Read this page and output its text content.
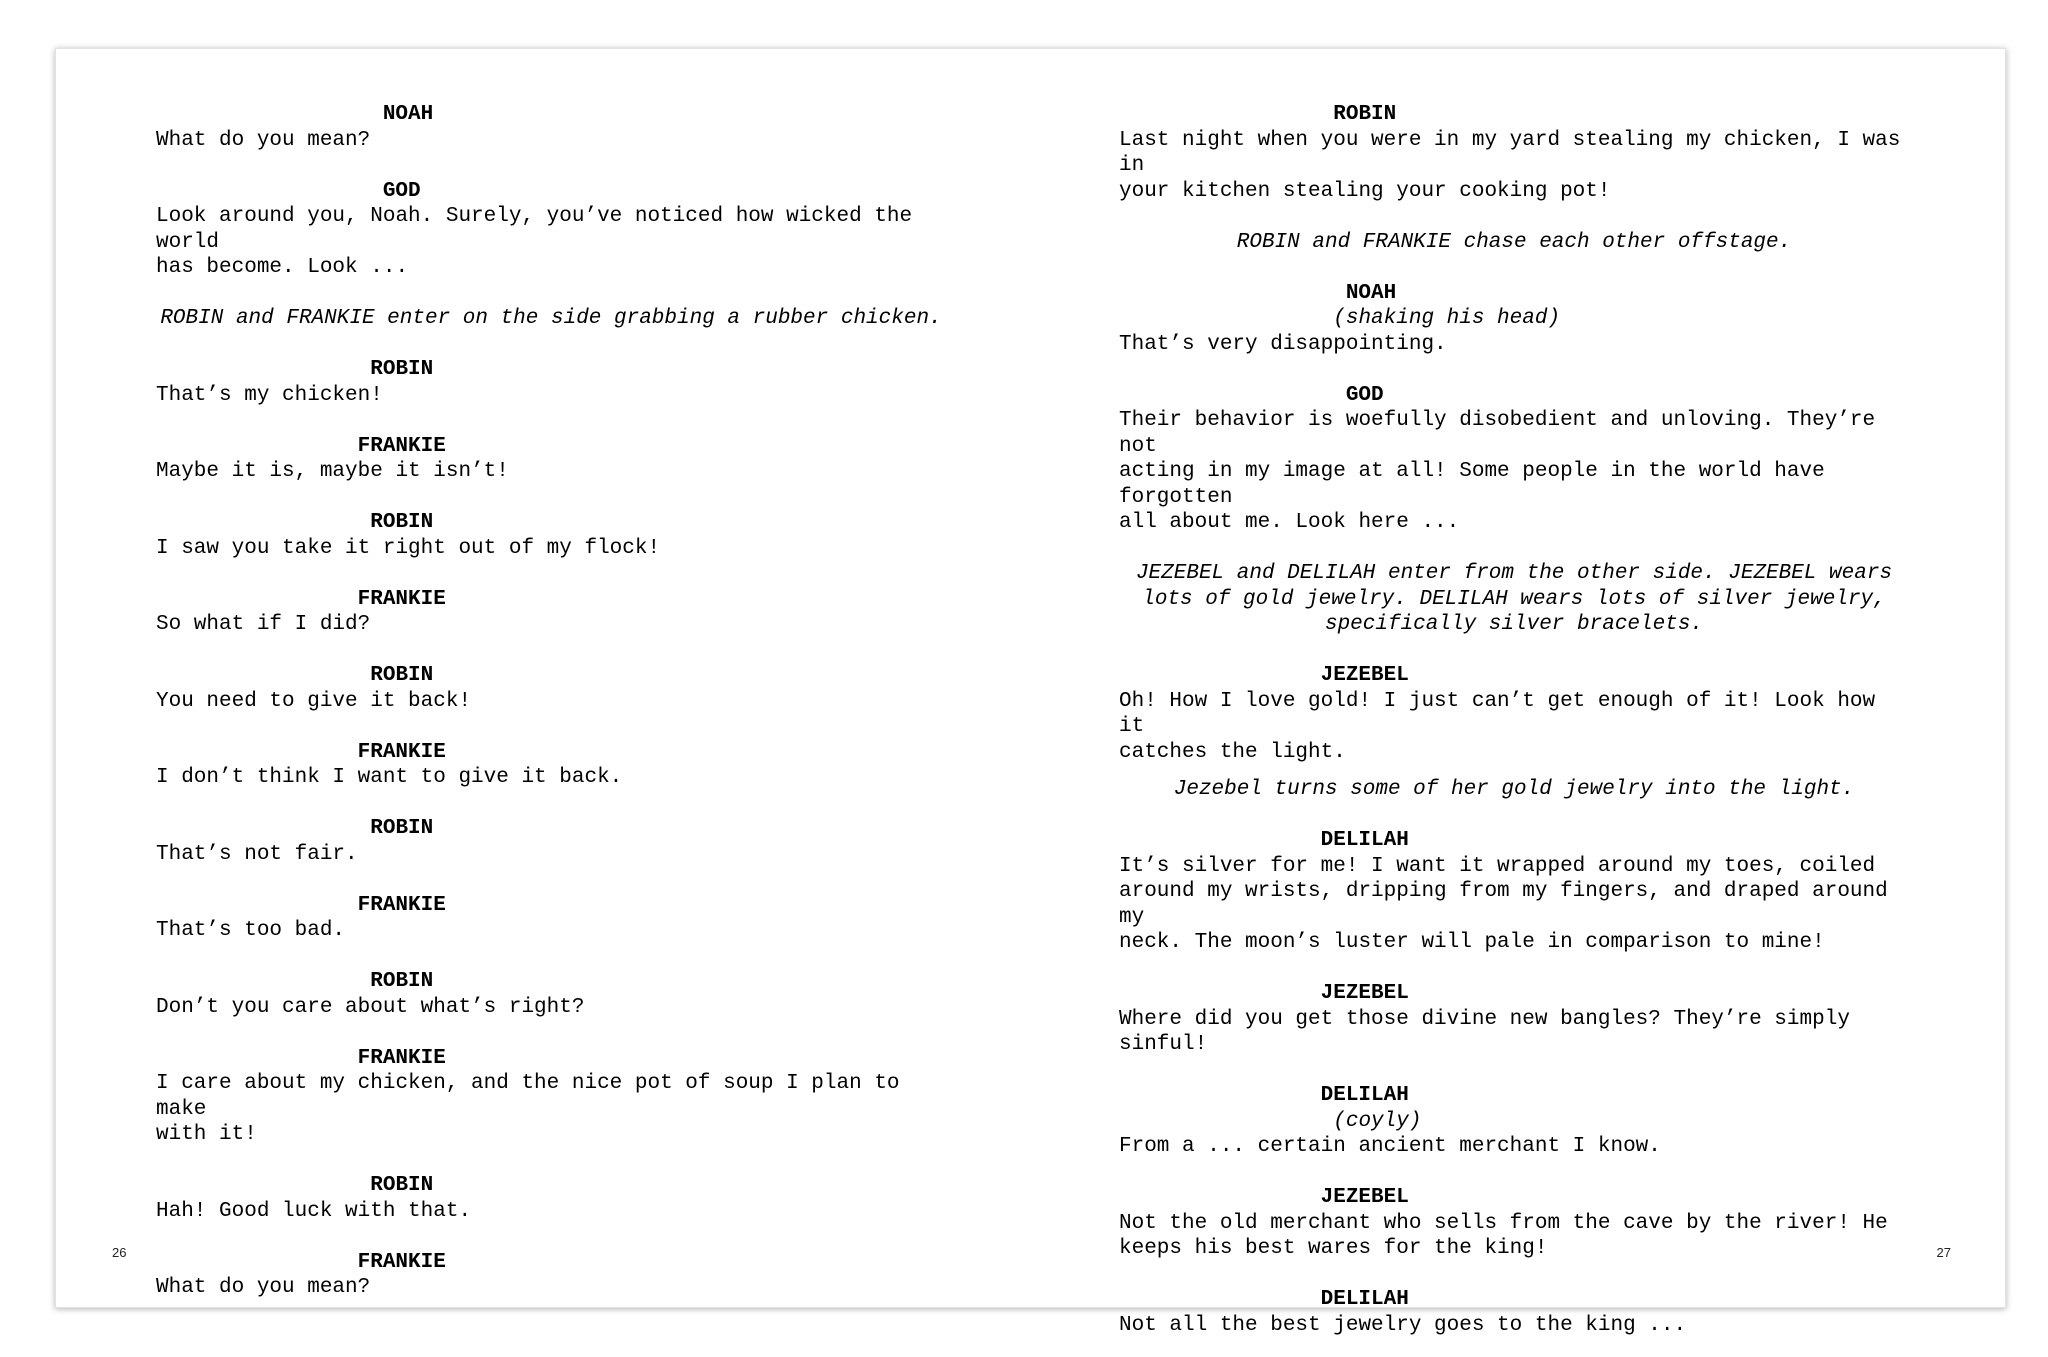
NOAH
What do you mean?
GOD
Look around you, Noah. Surely, you’ve noticed how wicked the world
has become. Look ...
ROBIN and FRANKIE enter on the side grabbing a rubber chicken.
ROBIN
That’s my chicken!
FRANKIE
Maybe it is, maybe it isn’t!
ROBIN
I saw you take it right out of my flock!
FRANKIE
So what if I did?
ROBIN
You need to give it back!
FRANKIE
I don’t think I want to give it back.
ROBIN
That’s not fair.
FRANKIE
That’s too bad.
ROBIN
Don’t you care about what’s right?
FRANKIE
I care about my chicken, and the nice pot of soup I plan to make
with it!
ROBIN
Hah! Good luck with that.
FRANKIE
What do you mean?
26
ROBIN
Last night when you were in my yard stealing my chicken, I was in
your kitchen stealing your cooking pot!
ROBIN and FRANKIE chase each other offstage.
NOAH
(shaking his head)
That’s very disappointing.
GOD
Their behavior is woefully disobedient and unloving. They’re not
acting in my image at all! Some people in the world have forgotten
all about me. Look here ...
JEZEBEL and DELILAH enter from the other side. JEZEBEL wears
lots of gold jewelry. DELILAH wears lots of silver jewelry,
specifically silver bracelets.
JEZEBEL
Oh! How I love gold! I just can’t get enough of it! Look how it
catches the light.
Jezebel turns some of her gold jewelry into the light.
DELILAH
It’s silver for me! I want it wrapped around my toes, coiled
around my wrists, dripping from my fingers, and draped around my
neck. The moon’s luster will pale in comparison to mine!
JEZEBEL
Where did you get those divine new bangles? They’re simply sinful!
DELILAH
(coyly)
From a ... certain ancient merchant I know.
JEZEBEL
Not the old merchant who sells from the cave by the river! He
keeps his best wares for the king!
DELILAH
Not all the best jewelry goes to the king ...
27
